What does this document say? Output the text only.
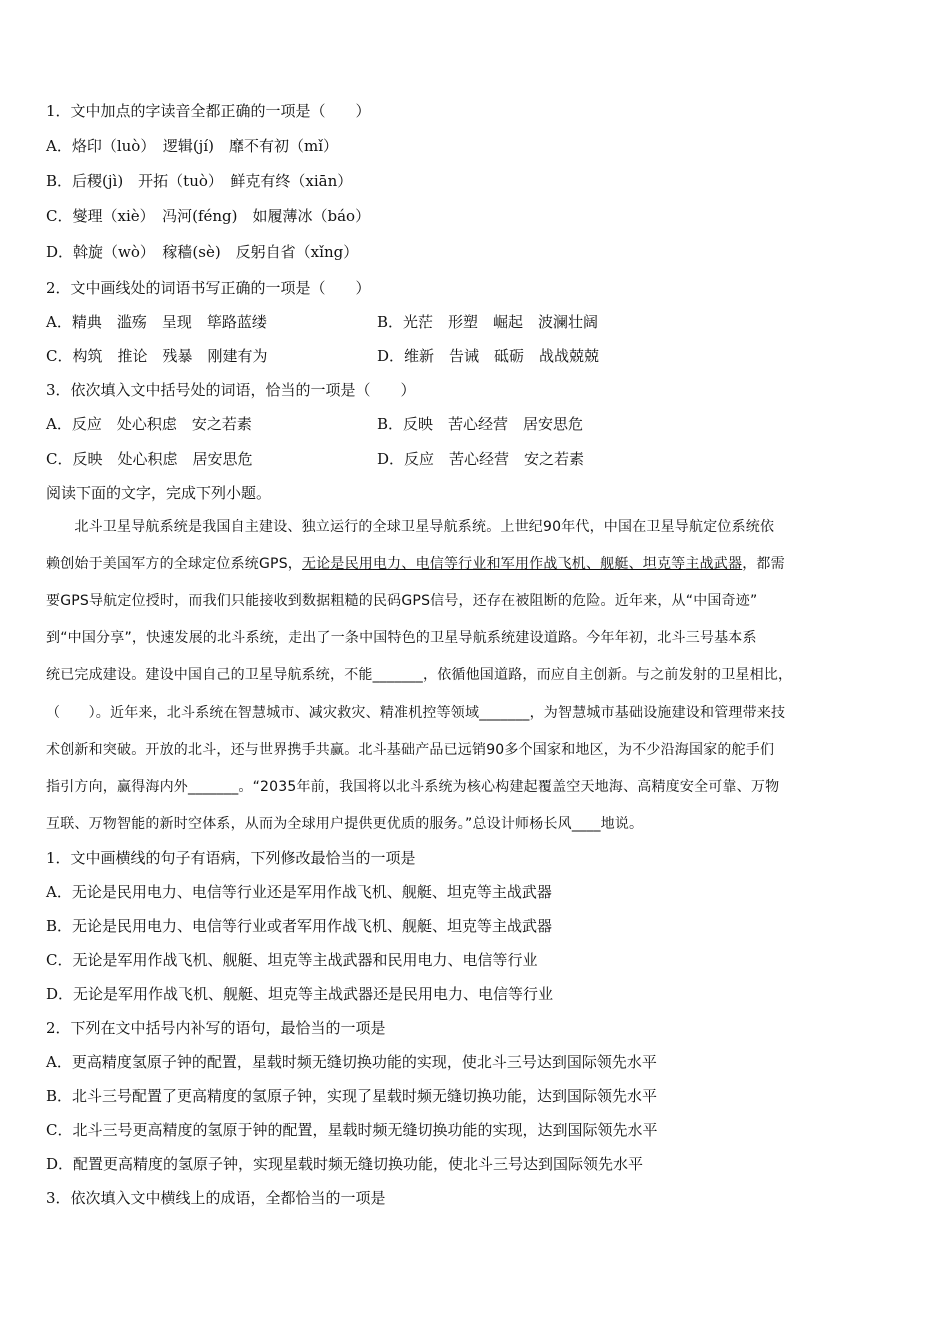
1．文中加点的字读音全都正确的一项是（　　）
A．烙印（luò）　逻辑(jí)　靡不有初（mǐ）
B．后稷(jì)　开拓（tuò）　鲜克有终（xiān）
C．燮理（xiè）　冯河(féng)　如履薄冰（báo）
D．斡旋（wò）　稼穑(sè)　反躬自省（xǐng）
2．文中画线处的词语书写正确的一项是（　　）
A．精典　滥殇　呈现　筚路蓝缕	B．光茫　形塑　崛起　波澜壮阔
C．构筑　推论　残暴　刚建有为	D．维新　告诫　砥砺　战战兢兢
3．依次填入文中括号处的词语，恰当的一项是（　　）
A．反应　处心积虑　安之若素	B．反映　苦心经营　居安思危
C．反映　处心积虑　居安思危	D．反应　苦心经营　安之若素
阅读下面的文字，完成下列小题。
　　北斗卫星导航系统是我国自主建设、独立运行的全球卫星导航系统。上世纪90年代，中国在卫星导航定位系统依
赖创始于美国军方的全球定位系统GPS，无论是民用电力、电信等行业和军用作战飞机、舰艇、坦克等主战武器，都需
要GPS导航定位授时，而我们只能接收到数据粗糙的民码GPS信号，还存在被阻断的危险。近年来，从“中国奇迹”
到“中国分享”，快速发展的北斗系统，走出了一条中国特色的卫星导航系统建设道路。今年年初，北斗三号基本系
统已完成建设。建设中国自己的卫星导航系统，不能_______，依循他国道路，而应自主创新。与之前发射的卫星相比，
（　　）。近年来，北斗系统在智慧城市、减灾救灾、精准机控等领域_______，为智慧城市基础设施建设和管理带来技
术创新和突破。开放的北斗，还与世界携手共赢。北斗基础产品已远销90多个国家和地区，为不少沿海国家的舵手们
指引方向，赢得海内外_______。“2035年前，我国将以北斗系统为核心构建起覆盖空天地海、高精度安全可靠、万物
互联、万物智能的新时空体系，从而为全球用户提供更优质的服务。”总设计师杨长风____地说。
1．文中画横线的句子有语病，下列修改最恰当的一项是
A．无论是民用电力、电信等行业还是军用作战飞机、舰艇、坦克等主战武器
B．无论是民用电力、电信等行业或者军用作战飞机、舰艇、坦克等主战武器
C．无论是军用作战飞机、舰艇、坦克等主战武器和民用电力、电信等行业
D．无论是军用作战飞机、舰艇、坦克等主战武器还是民用电力、电信等行业
2．下列在文中括号内补写的语句，最恰当的一项是
A．更高精度氢原子钟的配置，星载时频无缝切换功能的实现，使北斗三号达到国际领先水平
B．北斗三号配置了更高精度的氢原子钟，实现了星载时频无缝切换功能，达到国际领先水平
C．北斗三号更高精度的氢原于钟的配置，星载时频无缝切换功能的实现，达到国际领先水平
D．配置更高精度的氢原子钟，实现星载时频无缝切换功能，使北斗三号达到国际领先水平
3．依次填入文中横线上的成语，全都恰当的一项是
